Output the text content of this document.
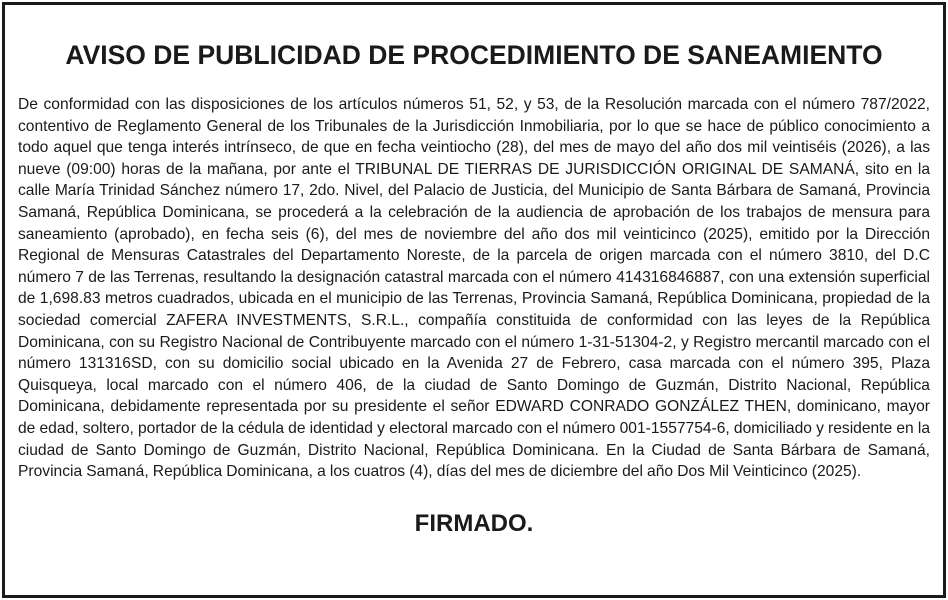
AVISO DE PUBLICIDAD DE PROCEDIMIENTO DE SANEAMIENTO

De conformidad con las disposiciones de los artículos números 51, 52, y 53, de la Resolución marcada con el número 787/2022, contentivo de Reglamento General de los Tribunales de la Jurisdicción Inmobiliaria, por lo que se hace de público conocimiento a todo aquel que tenga interés intrínseco, de que en fecha veintiocho (28), del mes de mayo del año dos mil veintiséis (2026), a las nueve (09:00) horas de la mañana, por ante el TRIBUNAL DE TIERRAS DE JURISDICCIÓN ORIGINAL DE SAMANÁ, sito en la calle María Trinidad Sánchez número 17, 2do. Nivel, del Palacio de Justicia, del Municipio de Santa Bárbara de Samaná, Provincia Samaná, República Dominicana, se procederá a la celebración de la audiencia de aprobación de los trabajos de mensura para saneamiento (aprobado), en fecha seis (6), del mes de noviembre del año dos mil veinticinco (2025), emitido por la Dirección Regional de Mensuras Catastrales del Departamento Noreste, de la parcela de origen marcada con el número 3810, del D.C número 7 de las Terrenas, resultando la designación catastral marcada con el número 414316846887, con una extensión superficial de 1,698.83 metros cuadrados, ubicada en el municipio de las Terrenas, Provincia Samaná, República Dominicana, propiedad de la sociedad comercial ZAFERA INVESTMENTS, S.R.L., compañía constituida de conformidad con las leyes de la República Dominicana, con su Registro Nacional de Contribuyente marcado con el número 1-31-51304-2, y Registro mercantil marcado con el número 131316SD, con su domicilio social ubicado en la Avenida 27 de Febrero, casa marcada con el número 395, Plaza Quisqueya, local marcado con el número 406, de la ciudad de Santo Domingo de Guzmán, Distrito Nacional, República Dominicana, debidamente representada por su presidente el señor EDWARD CONRADO GONZÁLEZ THEN, dominicano, mayor de edad, soltero, portador de la cédula de identidad y electoral marcado con el número 001-1557754-6, domiciliado y residente en la ciudad de Santo Domingo de Guzmán, Distrito Nacional, República Dominicana. En la Ciudad de Santa Bárbara de Samaná, Provincia Samaná, República Dominicana, a los cuatros (4), días del mes de diciembre del año Dos Mil Veinticinco (2025).

FIRMADO.
